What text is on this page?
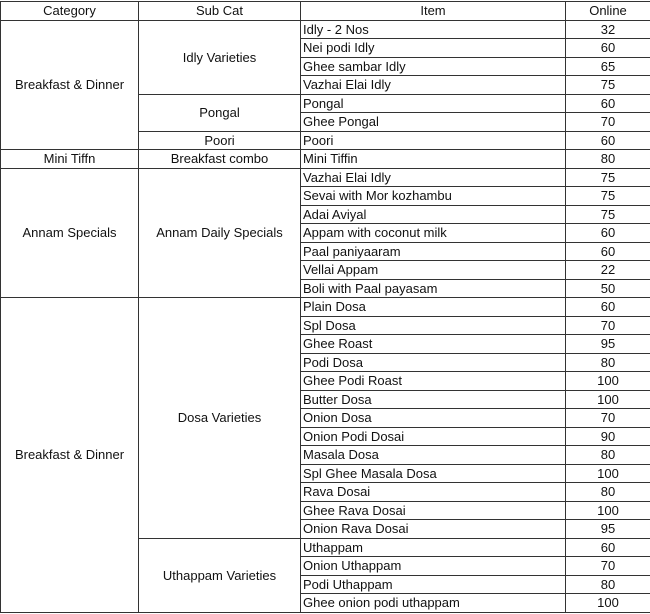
Category	Sub Cat	Item	Online
Breakfast & Dinner	Idly Varieties	Idly - 2 Nos	32
		Nei podi Idly	60
		Ghee sambar Idly	65
		Vazhai Elai Idly	75
	Pongal	Pongal	60
		Ghee Pongal	70
	Poori	Poori	60
Mini Tiffn	Breakfast combo	Mini Tiffin	80
Annam Specials	Annam Daily Specials	Vazhai Elai Idly	75
		Sevai with Mor kozhambu	75
		Adai Aviyal	75
		Appam with coconut milk	60
		Paal paniyaaram	60
		Vellai Appam	22
		Boli with Paal payasam	50
Breakfast & Dinner	Dosa Varieties	Plain Dosa	60
		Spl Dosa	70
		Ghee Roast	95
		Podi Dosa	80
		Ghee Podi Roast	100
		Butter Dosa	100
		Onion Dosa	70
		Onion Podi Dosai	90
		Masala Dosa	80
		Spl Ghee Masala Dosa	100
		Rava Dosai	80
		Ghee Rava Dosai	100
		Onion Rava Dosai	95
	Uthappam Varieties	Uthappam	60
		Onion Uthappam	70
		Podi Uthappam	80
		Ghee onion podi uthappam	100
